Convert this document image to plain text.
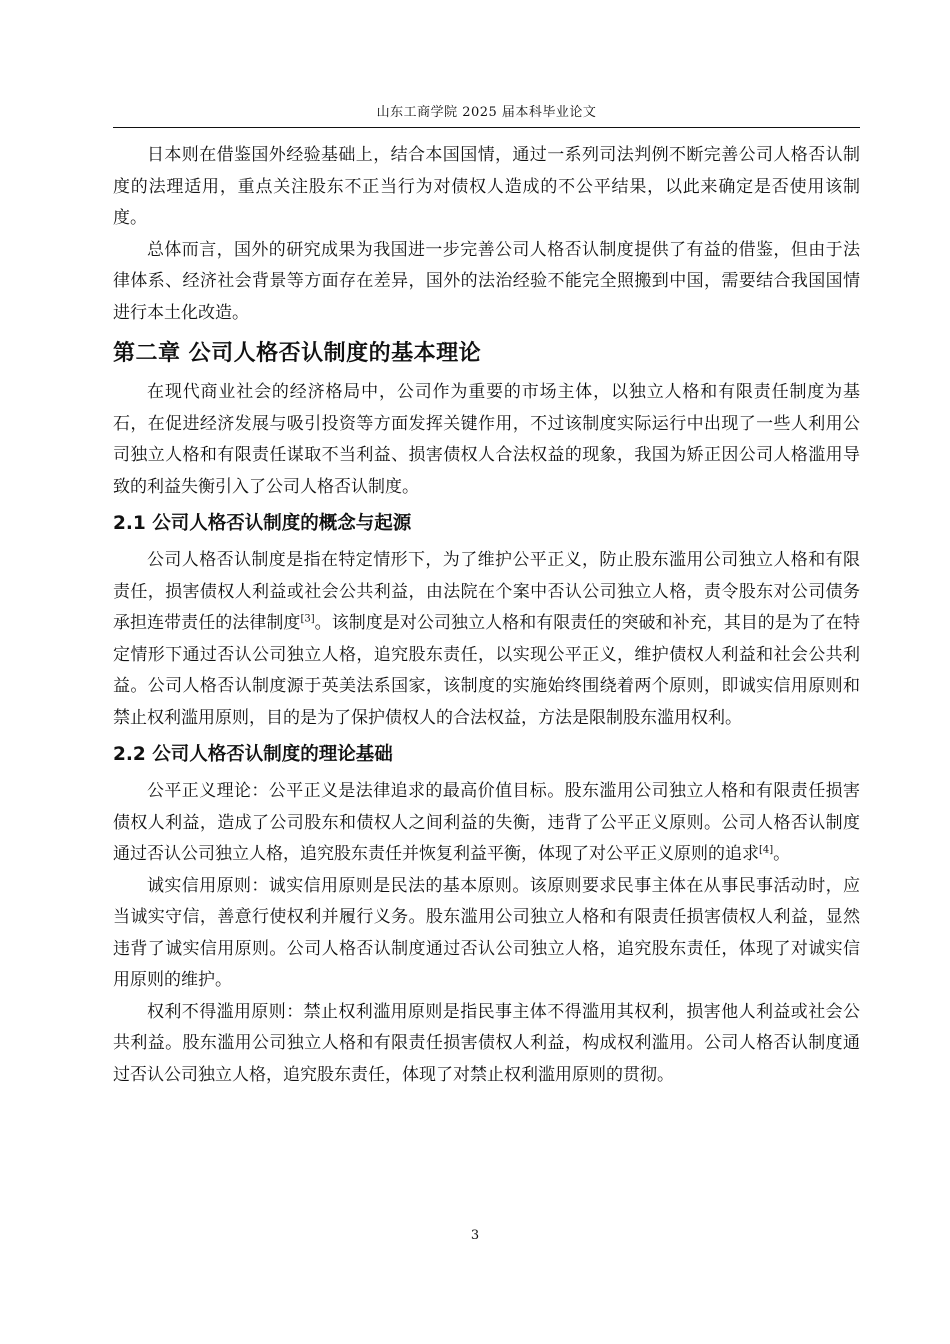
山东工商学院 2025 届本科毕业论文

日本则在借鉴国外经验基础上，结合本国国情，通过一系列司法判例不断完善公司人格否认制度的法理适用，重点关注股东不正当行为对债权人造成的不公平结果，以此来确定是否使用该制度。

总体而言，国外的研究成果为我国进一步完善公司人格否认制度提供了有益的借鉴，但由于法律体系、经济社会背景等方面存在差异，国外的法治经验不能完全照搬到中国，需要结合我国国情进行本土化改造。

第二章 公司人格否认制度的基本理论

在现代商业社会的经济格局中，公司作为重要的市场主体，以独立人格和有限责任制度为基石，在促进经济发展与吸引投资等方面发挥关键作用，不过该制度实际运行中出现了一些人利用公司独立人格和有限责任谋取不当利益、损害债权人合法权益的现象，我国为矫正因公司人格滥用导致的利益失衡引入了公司人格否认制度。

2.1 公司人格否认制度的概念与起源

公司人格否认制度是指在特定情形下，为了维护公平正义，防止股东滥用公司独立人格和有限责任，损害债权人利益或社会公共利益，由法院在个案中否认公司独立人格，责令股东对公司债务承担连带责任的法律制度[3]。该制度是对公司独立人格和有限责任的突破和补充，其目的是为了在特定情形下通过否认公司独立人格，追究股东责任，以实现公平正义，维护债权人利益和社会公共利益。公司人格否认制度源于英美法系国家，该制度的实施始终围绕着两个原则，即诚实信用原则和禁止权利滥用原则，目的是为了保护债权人的合法权益，方法是限制股东滥用权利。

2.2 公司人格否认制度的理论基础

公平正义理论：公平正义是法律追求的最高价值目标。股东滥用公司独立人格和有限责任损害债权人利益，造成了公司股东和债权人之间利益的失衡，违背了公平正义原则。公司人格否认制度通过否认公司独立人格，追究股东责任并恢复利益平衡，体现了对公平正义原则的追求[4]。

诚实信用原则：诚实信用原则是民法的基本原则。该原则要求民事主体在从事民事活动时，应当诚实守信，善意行使权利并履行义务。股东滥用公司独立人格和有限责任损害债权人利益，显然违背了诚实信用原则。公司人格否认制度通过否认公司独立人格，追究股东责任，体现了对诚实信用原则的维护。

权利不得滥用原则：禁止权利滥用原则是指民事主体不得滥用其权利，损害他人利益或社会公共利益。股东滥用公司独立人格和有限责任损害债权人利益，构成权利滥用。公司人格否认制度通过否认公司独立人格，追究股东责任，体现了对禁止权利滥用原则的贯彻。

3
